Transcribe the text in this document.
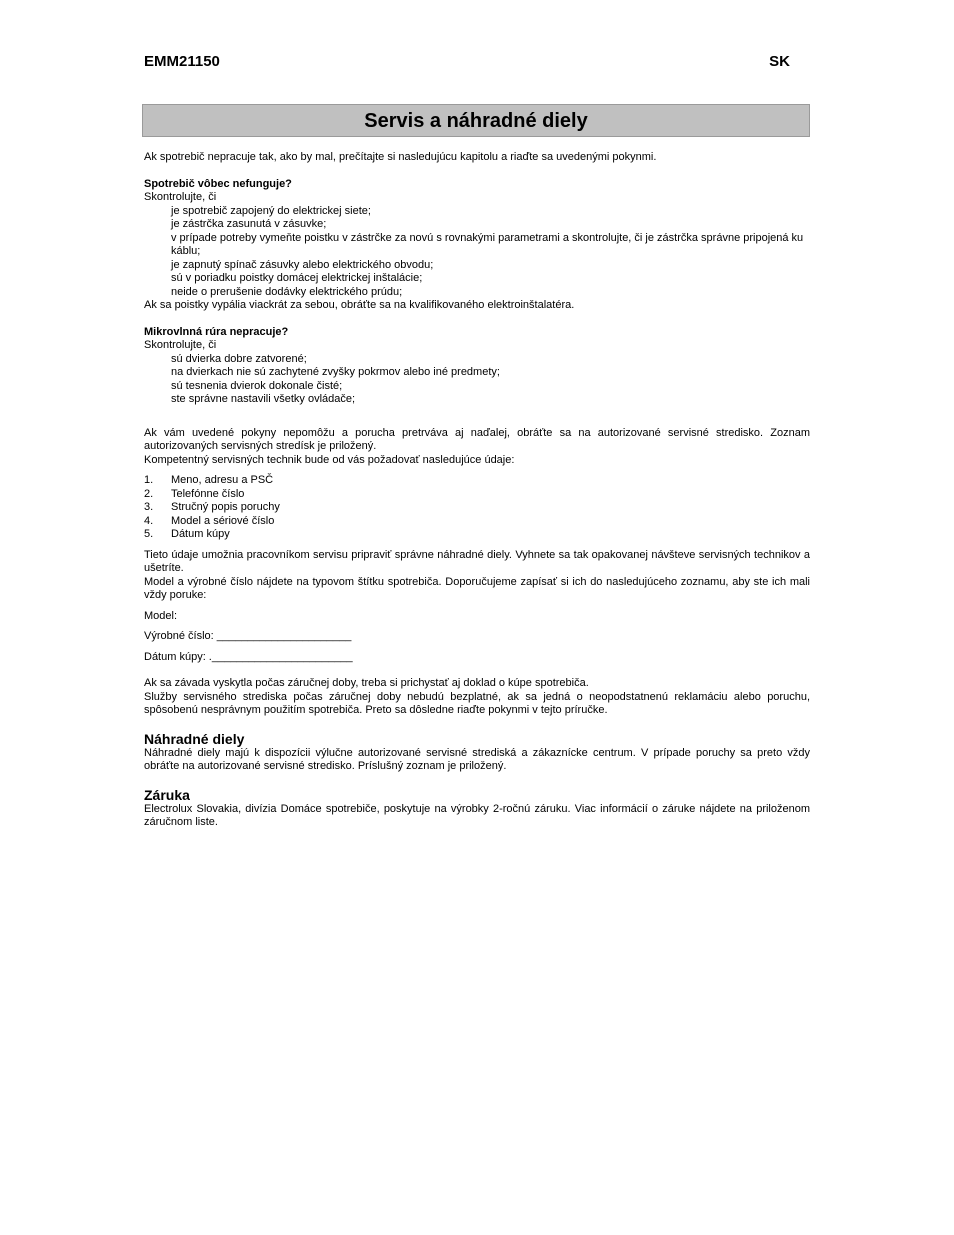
EMM21150	SK
Servis a náhradné diely

Ak spotrebič nepracuje tak, ako by mal, prečítajte si nasledujúcu kapitolu a riaďte sa uvedenými pokynmi.

Spotrebič vôbec nefunguje?

Skontrolujte, či

je spotrebič zapojený do elektrickej siete;

je zástrčka zasunutá v zásuvke;

v prípade potreby vymeňte poistku v zástrčke za novú s rovnakými parametrami a skontrolujte, či je zástrčka správne pripojená ku káblu;

je zapnutý spínač zásuvky alebo elektrického obvodu;

sú v poriadku poistky domácej elektrickej inštalácie;

neide o prerušenie dodávky elektrického prúdu;

Ak sa poistky vypália viackrát za sebou, obráťte sa na kvalifikovaného elektroinštalatéra.

Mikrovlnná rúra nepracuje?

Skontrolujte, či

sú dvierka dobre zatvorené;

na dvierkach nie sú zachytené zvyšky pokrmov alebo iné predmety;

sú tesnenia dvierok dokonale čisté;

ste správne nastavili všetky ovládače;

Ak vám uvedené pokyny nepomôžu a porucha pretrváva aj naďalej, obráťte sa na autorizované servisné stredisko. Zoznam autorizovaných servisných stredísk je priložený.

Kompetentný servisných technik bude od vás požadovať nasledujúce údaje:

1.	Meno, adresu a PSČ
2.	Telefónne číslo
3.	Stručný popis poruchy
4.	Model a sériové číslo
5.	Dátum kúpy

Tieto údaje umožnia pracovníkom servisu pripraviť správne náhradné diely. Vyhnete sa tak opakovanej návšteve servisných technikov a ušetríte.

Model a výrobné číslo nájdete na typovom štítku spotrebiča. Doporučujeme zapísať si ich do nasledujúceho zoznamu, aby ste ich mali vždy poruke:

Model:

Výrobné číslo: ______________________

Dátum kúpy: ._______________________

Ak sa závada vyskytla počas záručnej doby, treba si prichystať aj doklad o kúpe spotrebiča.

Služby servisného strediska počas záručnej doby nebudú bezplatné, ak sa jedná o neopodstatnenú reklamáciu alebo poruchu, spôsobenú nesprávnym použitím spotrebiča. Preto sa dôsledne riaďte pokynmi v tejto príručke.

Náhradné diely

Náhradné diely majú k dispozícii výlučne autorizované servisné strediská a zákaznícke centrum. V prípade poruchy sa preto vždy obráťte na autorizované servisné stredisko. Príslušný zoznam je priložený.

Záruka

Electrolux Slovakia, divízia Domáce spotrebiče, poskytuje na výrobky 2-ročnú záruku. Viac informácií o záruke nájdete na priloženom záručnom liste.
